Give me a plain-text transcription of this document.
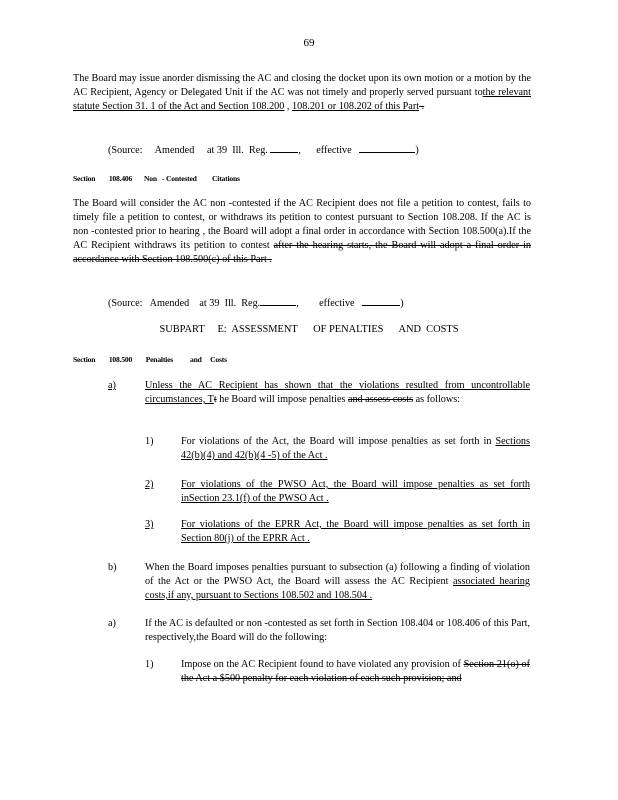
69
The Board may issue anorder dismissing the AC and closing the docket upon its own motion or a motion by the AC Recipient, Agency or Delegated Unit if the AC was not timely and properly served pursuant tothe relevant statute Section 31. 1 of the Act and Section 108.200 , 108.201 or 108.202 of this Part .
(Source:     Amended     at 39  Ill.  Reg.	,      effective	)
Section 108.406 Non   - Contested         Citations
The Board will consider the AC non -contested if the AC Recipient does not file a petition to contest, fails to timely file a petition to contest, or withdraws its petition to contest pursuant to Section 108.208. If the AC is non -contested prior to hearing , the Board will adopt a final order in accordance with Section 108.500(a).If the AC Recipient withdraws its petition to contest after the hearing starts, the Board will adopt a final order in accordance with Section 108.500(c) of this Part .
(Source:   Amended    at 39  Ill.  Reg.	,        effective	)
SUBPART     E:  ASSESSMENT      OF PENALTIES      AND  COSTS
Section 108.500 Penalties          and     Costs
a)	Unless the AC Recipient has shown that the violations resulted from uncontrollable circumstances, Tt he Board will impose penalties and assess costs as follows:
1)	For violations of the Act, the Board will impose penalties as set forth in Sections 42(b)(4) and 42(b)(4 -5) of the Act .
2)	For violations of the PWSO Act, the Board will impose penalties as set forth inSection 23.1(f) of the PWSO Act .
3)	For violations of the EPRR Act, the Board will impose penalties as set forth in Section 80(j) of the EPRR Act .
b)	When the Board imposes penalties pursuant to subsection (a) following a finding of violation of the Act or the PWSO Act, the Board will assess the AC Recipient associated hearing costs,if any, pursuant to Sections 108.502 and 108.504 .
a)	If the AC is defaulted or non -contested as set forth in Section 108.404 or 108.406 of this Part, respectively,the Board will do the following:
1)	Impose on the AC Recipient found to have violated any provision of Section 21(o) of the Act a $500 penalty for each violation of each such provision; and
